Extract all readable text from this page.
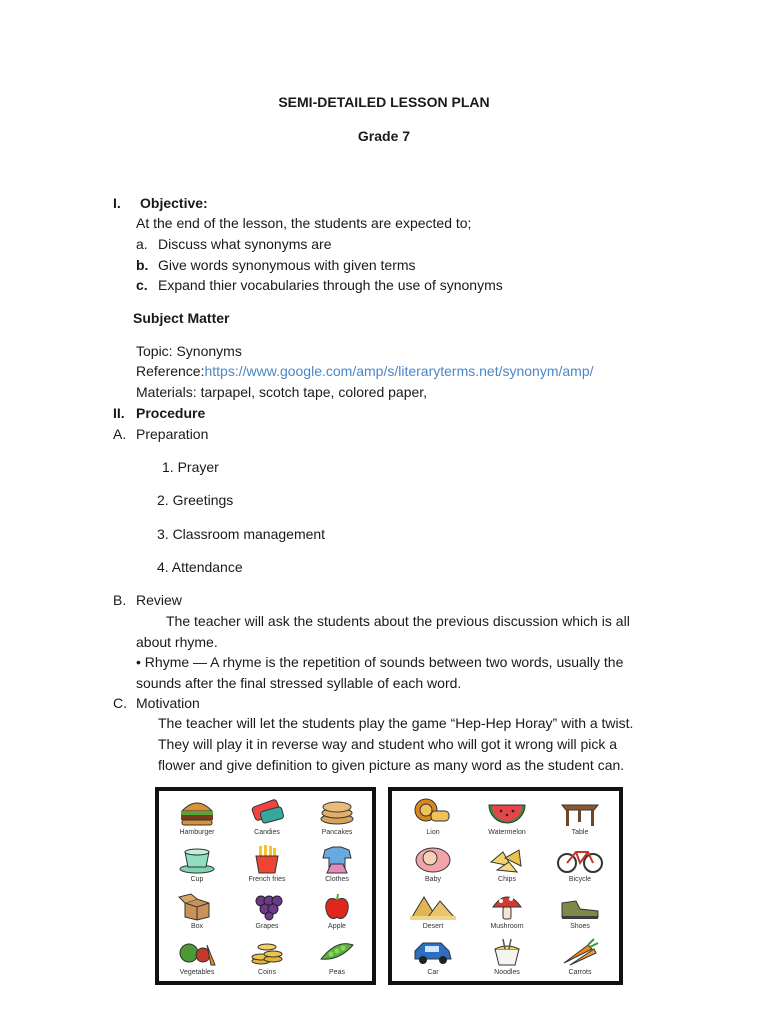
SEMI-DETAILED LESSON PLAN
Grade 7
I. Objective:
At the end of the lesson, the students are expected to;
a. Discuss what synonyms are
b. Give words synonymous with given terms
c. Expand thier vocabularies through the use of synonyms
Subject Matter
Topic: Synonyms
Reference:https://www.google.com/amp/s/literaryterms.net/synonym/amp/
Materials: tarpapel, scotch tape, colored paper,
II. Procedure
A. Preparation
1. Prayer
2. Greetings
3. Classroom management
4. Attendance
B. Review
The teacher will ask the students about the previous discussion which is all
about rhyme.
• Rhyme — A rhyme is the repetition of sounds between two words, usually the
sounds after the final stressed syllable of each word.
C. Motivation
The teacher will let the students play the game “Hep-Hep Horay” with a twist.
They will play it in reverse way and student who will got it wrong will pick a
flower and give definition to given picture as many word as the student can.
Hamburger	Candies	Pancakes
Cup	French fries	Clothes
Box	Grapes	Apple
Vegetables	Coins	Peas
Lion	Watermelon	Table
Baby	Chips	Bicycle
Desert	Mushroom	Shoes
Car	Noodles	Carrots
